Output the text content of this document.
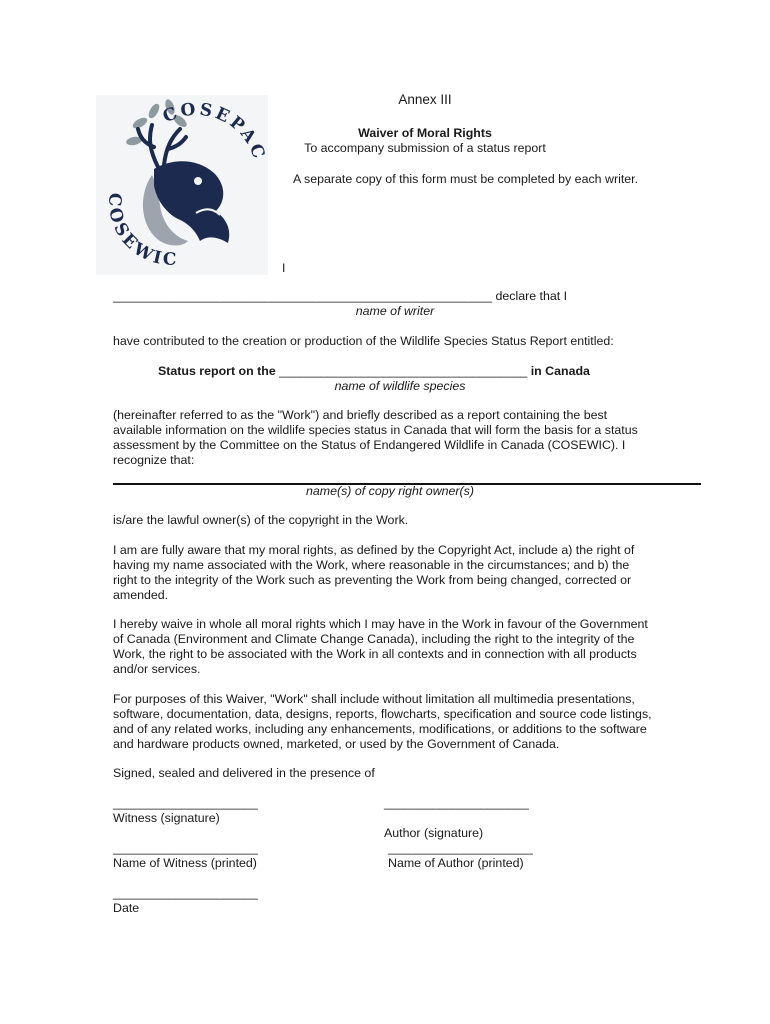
COSEPAC
COSEWIC
Annex III
Waiver of Moral Rights
To accompany submission of a status report
A separate copy of this form must be completed by each writer.
I
_______________________________________________________ declare that I
name of writer
have contributed to the creation or production of the Wildlife Species Status Report entitled:
Status report on the ____________________________________ in Canada
name of wildlife species
(hereinafter referred to as the "Work") and briefly described as a report containing the best available information on the wildlife species status in Canada that will form the basis for a status assessment by the Committee on the Status of Endangered Wildlife in Canada (COSEWIC). I recognize that:
name(s) of copy right owner(s)
is/are the lawful owner(s) of the copyright in the Work.
I am are fully aware that my moral rights, as defined by the Copyright Act, include a) the right of having my name associated with the Work, where reasonable in the circumstances; and b) the right to the integrity of the Work such as preventing the Work from being changed, corrected or amended.
I hereby waive in whole all moral rights which I may have in the Work in favour of the Government of Canada (Environment and Climate Change Canada), including the right to the integrity of the Work, the right to be associated with the Work in all contexts and in connection with all products and/or services.
For purposes of this Waiver, "Work" shall include without limitation all multimedia presentations, software, documentation, data, designs, reports, flowcharts, specification and source code listings, and of any related works, including any enhancements, modifications, or additions to the software and hardware products owned, marketed, or used by the Government of Canada.
Signed, sealed and delivered in the presence of
_____________________
Witness (signature)
_____________________
Author (signature)
_____________________
Name of Witness (printed)
_____________________
Name of Author (printed)
_____________________
Date
